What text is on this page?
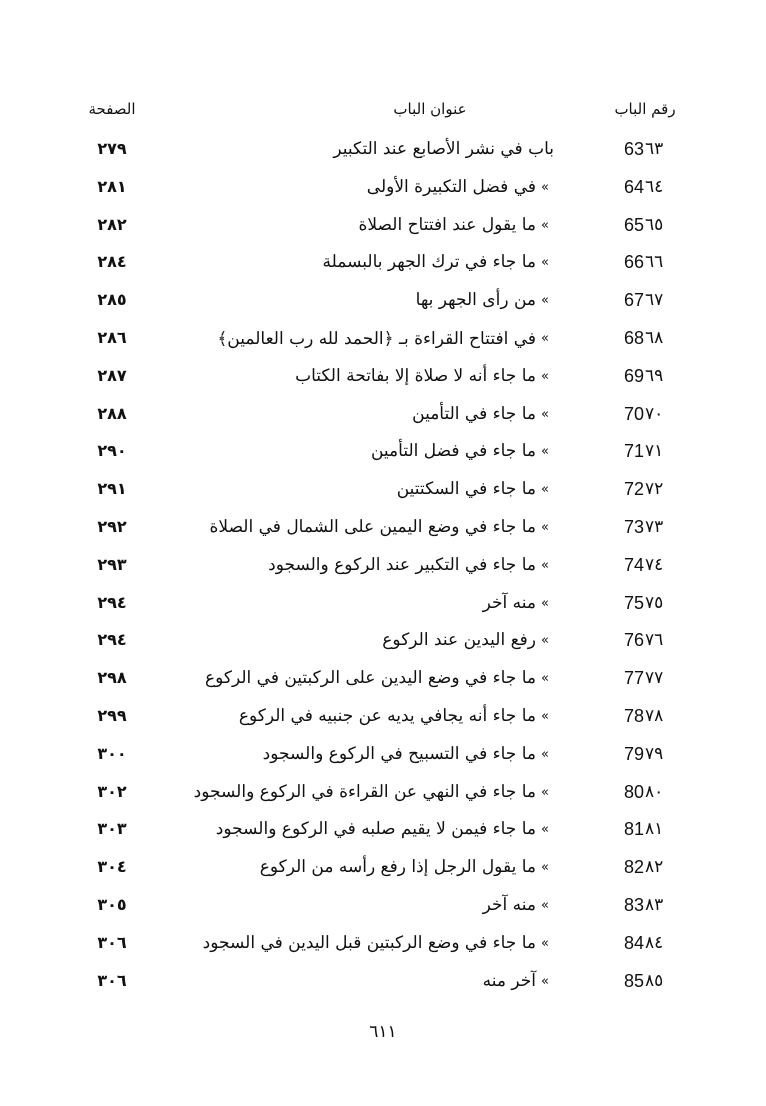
رقم الباب
عنوان الباب
الصفحة
٦٣
63
باب في نشر الأصابع عند التكبير
٢٧٩
٦٤
64
«
في فضل التكبيرة الأولى
٢٨١
٦٥
65
«
ما يقول عند افتتاح الصلاة
٢٨٢
٦٦
66
«
ما جاء في ترك الجهر بالبسملة
٢٨٤
٦٧
67
«
من رأى الجهر بها
٢٨٥
٦٨
68
«
في افتتاح القراءة بـ ﴿الحمد لله رب العالمين﴾
٢٨٦
٦٩
69
«
ما جاء أنه لا صلاة إلا بفاتحة الكتاب
٢٨٧
٧٠
70
«
ما جاء في التأمين
٢٨٨
٧١
71
«
ما جاء في فضل التأمين
٢٩٠
٧٢
72
«
ما جاء في السكتتين
٢٩١
٧٣
73
«
ما جاء في وضع اليمين على الشمال في الصلاة
٢٩٢
٧٤
74
«
ما جاء في التكبير عند الركوع والسجود
٢٩٣
٧٥
75
«
منه آخر
٢٩٤
٧٦
76
«
رفع اليدين عند الركوع
٢٩٤
٧٧
77
«
ما جاء في وضع اليدين على الركبتين في الركوع
٢٩٨
٧٨
78
«
ما جاء أنه يجافي يديه عن جنبيه في الركوع
٢٩٩
٧٩
79
«
ما جاء في التسبيح في الركوع والسجود
٣٠٠
٨٠
80
«
ما جاء في النهي عن القراءة في الركوع والسجود
٣٠٢
٨١
81
«
ما جاء فيمن لا يقيم صلبه في الركوع والسجود
٣٠٣
٨٢
82
«
ما يقول الرجل إذا رفع رأسه من الركوع
٣٠٤
٨٣
83
«
منه آخر
٣٠٥
٨٤
84
«
ما جاء في وضع الركبتين قبل اليدين في السجود
٣٠٦
٨٥
85
«
آخر منه
٣٠٦
٦١١
